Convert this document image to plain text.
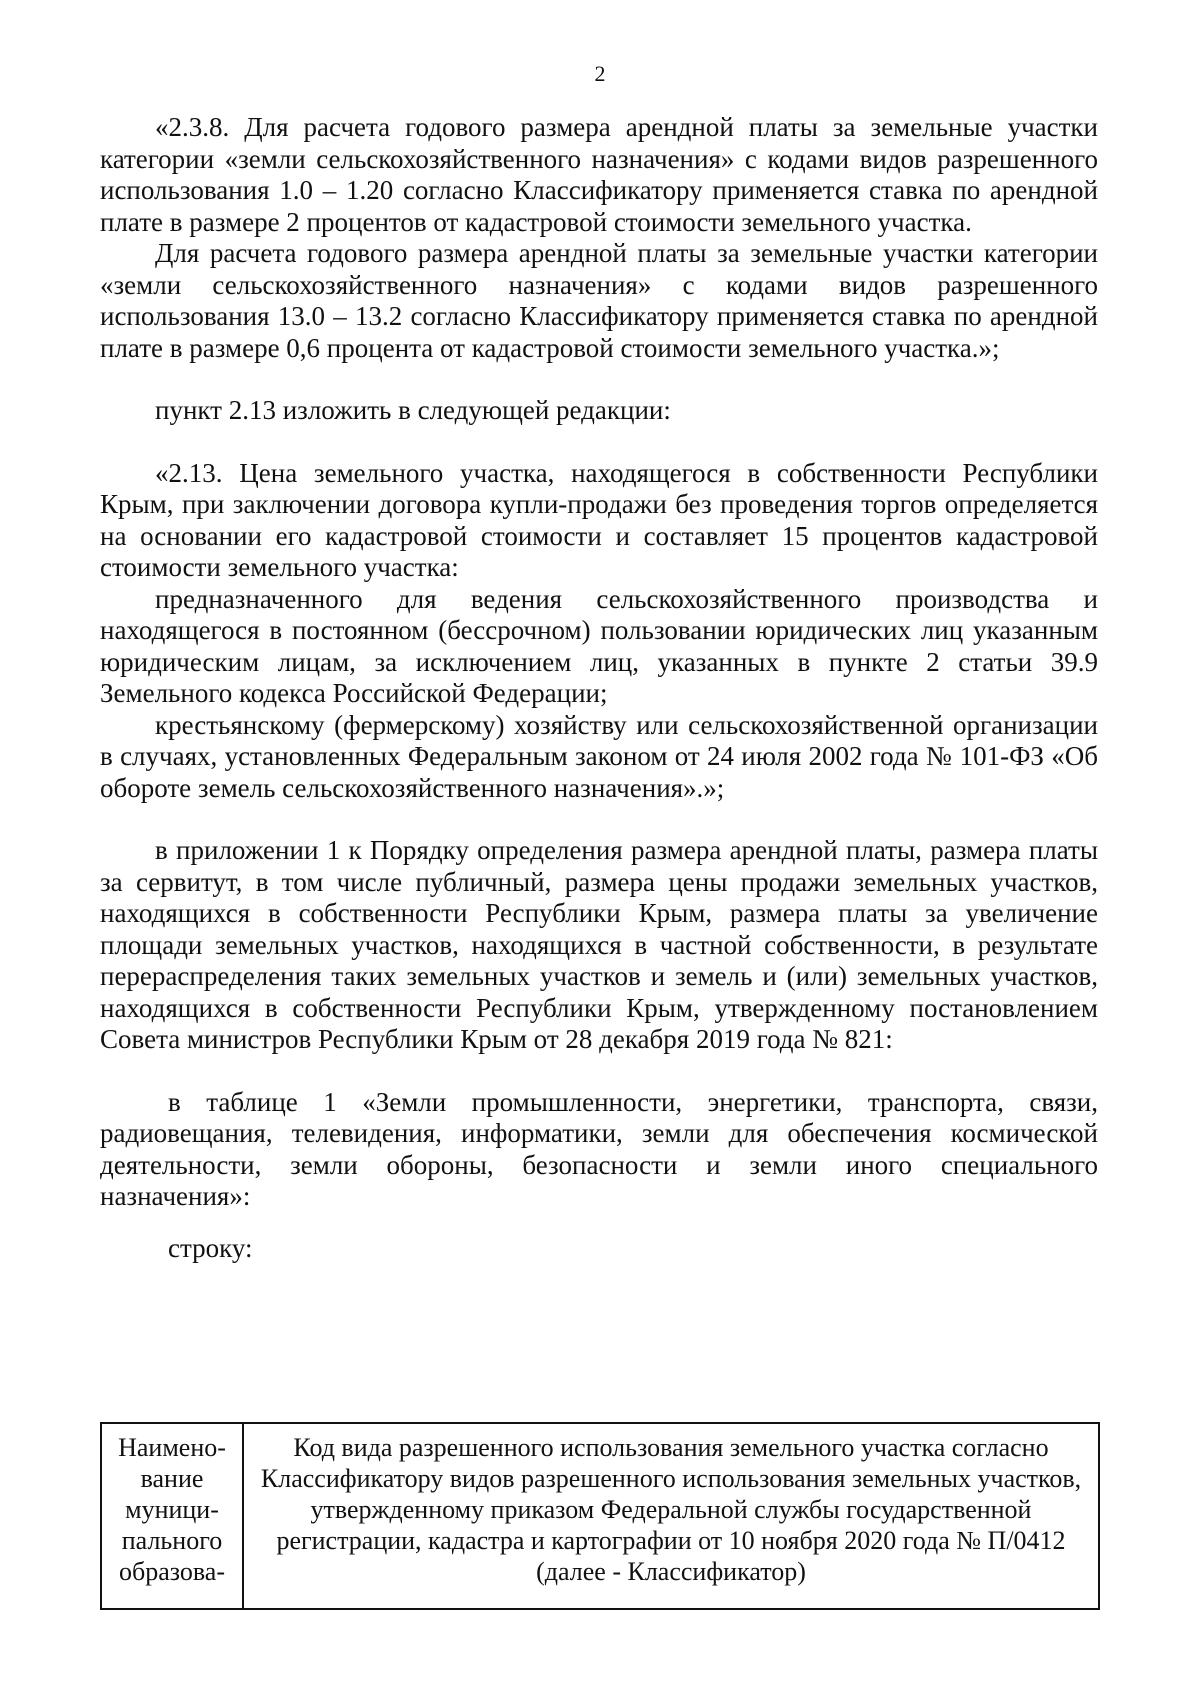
2

«2.3.8. Для расчета годового размера арендной платы за земельные участки категории «земли сельскохозяйственного назначения» с кодами видов разрешенного использования 1.0 – 1.20 согласно Классификатору применяется ставка по арендной плате в размере 2 процентов от кадастровой стоимости земельного участка.

Для расчета годового размера арендной платы за земельные участки категории «земли сельскохозяйственного назначения» с кодами видов разрешенного использования 13.0 – 13.2 согласно Классификатору применяется ставка по арендной плате в размере 0,6 процента от кадастровой стоимости земельного участка.»;

пункт 2.13 изложить в следующей редакции:

«2.13. Цена земельного участка, находящегося в собственности Республики Крым, при заключении договора купли-продажи без проведения торгов определяется на основании его кадастровой стоимости и составляет 15 процентов кадастровой стоимости земельного участка:

предназначенного для ведения сельскохозяйственного производства и находящегося в постоянном (бессрочном) пользовании юридических лиц указанным юридическим лицам, за исключением лиц, указанных в пункте 2 статьи 39.9 Земельного кодекса Российской Федерации;

крестьянскому (фермерскому) хозяйству или сельскохозяйственной организации в случаях, установленных Федеральным законом от 24 июля 2002 года № 101-ФЗ «Об обороте земель сельскохозяйственного назначения».»;

в приложении 1 к Порядку определения размера арендной платы, размера платы за сервитут, в том числе публичный, размера цены продажи земельных участков, находящихся в собственности Республики Крым, размера платы за увеличение площади земельных участков, находящихся в частной собственности, в результате перераспределения таких земельных участков и земель и (или) земельных участков, находящихся в собственности Республики Крым, утвержденному постановлением Совета министров Республики Крым от 28 декабря 2019 года № 821:

в таблице 1 «Земли промышленности, энергетики, транспорта, связи, радиовещания, телевидения, информатики, земли для обеспечения космической деятельности, земли обороны, безопасности и земли иного специального назначения»:

строку:

Наимено-вание муници-пального образова-	Код вида разрешенного использования земельного участка согласно Классификатору видов разрешенного использования земельных участков, утвержденному приказом Федеральной службы государственной регистрации, кадастра и картографии от 10 ноября 2020 года № П/0412 (далее - Классификатор)
